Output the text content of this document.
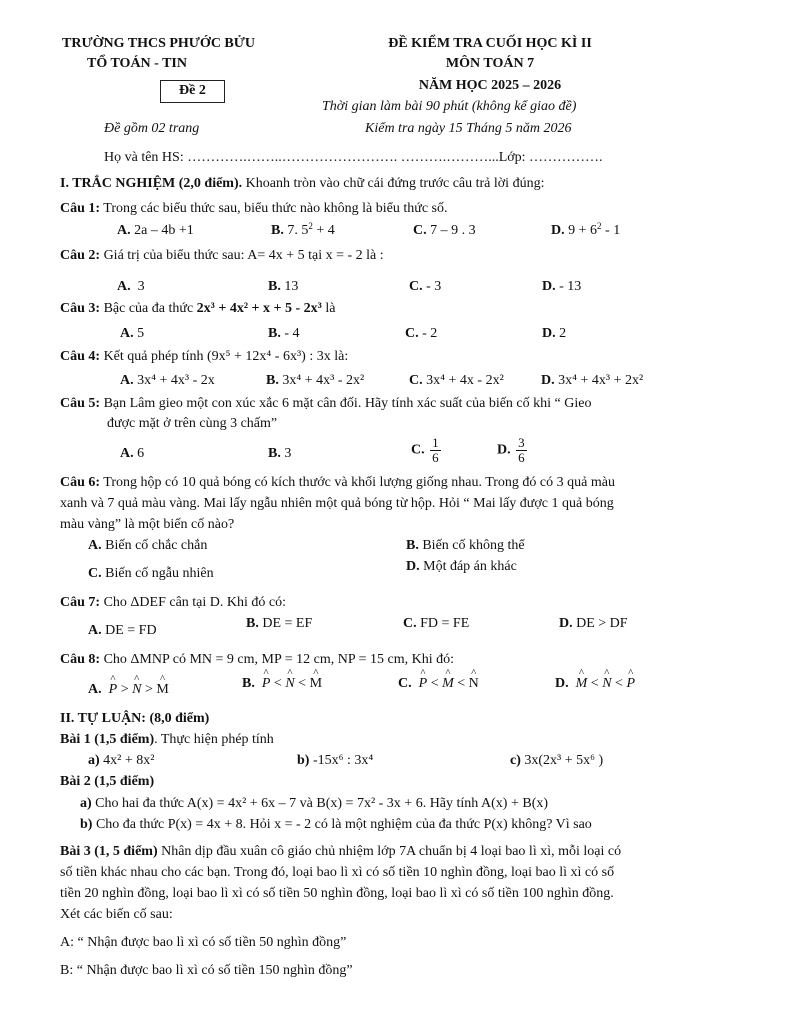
TRƯỜNG THCS PHƯỚC BỬU
TỔ TOÁN - TIN
ĐỀ KIỂM TRA CUỐI HỌC KÌ II
MÔN TOÁN 7
Đề 2	NĂM HỌC 2025 – 2026
Thời gian làm bài 90 phút (không kể giao đề)
Đề gồm 02 trang	Kiểm tra ngày 15 Tháng 5 năm 2026
Họ và tên HS: ………….……..……………………. ……….………...Lớp: …………….
I. TRẮC NGHIỆM (2,0 điểm). Khoanh tròn vào chữ cái đứng trước câu trả lời đúng:
Câu 1: Trong các biểu thức sau, biểu thức nào không là biểu thức số.
A. 2a – 4b +1	B. 7. $5^2 + 4$	C. 7 – 9 . 3	D. $9 + 6^2 - 1$
Câu 2: Giá trị của biểu thức sau: A= 4x + 5 tại x = - 2 là :
A. 3	B. 13	C. - 3	D. - 13
Câu 3: Bậc của đa thức 2x³ + 4x² + x + 5 - 2x³ là
A. 5	B. - 4	C. - 2	D. 2
Câu 4: Kết quả phép tính (9x⁵ + 12x⁴ - 6x³) : 3x là:
A. 3x⁴ + 4x³ - 2x	B. 3x⁴ + 4x³ - 2x²	C. 3x⁴ + 4x - 2x²	D. 3x⁴ + 4x³ + 2x²
Câu 5: Bạn Lâm gieo một con xúc xắc 6 mặt cân đối. Hãy tính xác suất của biến cố khi “ Gieo
được mặt ở trên cùng 3 chấm”
A. 6	B. 3	C. $\frac{1}{6}$	D. $\frac{3}{6}$
Câu 6: Trong hộp có 10 quả bóng có kích thước và khối lượng giống nhau. Trong đó có 3 quả màu
xanh và 7 quả màu vàng. Mai lấy ngẫu nhiên một quả bóng từ hộp. Hỏi “ Mai lấy được 1 quả bóng
màu vàng” là một biến cố nào?
A. Biến cố chắc chắn	B. Biến cố không thể
C. Biến cố ngẫu nhiên	D. Một đáp án khác
Câu 7: Cho ΔDEF cân tại D. Khi đó có:
A. DE = FD	B. DE = EF	C. FD = FE	D. DE > DF
Câu 8: Cho ΔMNP có MN = 9 cm, MP = 12 cm, NP = 15 cm, Khi đó:
A. ^ P > ^ N > ^ M	B. ^ P < ^ N < ^ M	C. ^ P < ^ M < ^ N	D. ^ M < ^ N < ^ P
II. TỰ LUẬN: (8,0 điểm)
Bài 1 (1,5 điểm). Thực hiện phép tính
a) 4x² + 8x²	b) -15x⁶ : 3x⁴	c) 3x(2x³ + 5x⁶ )
Bài 2 (1,5 điểm)
a) Cho hai đa thức A(x) = 4x² + 6x – 7 và B(x) = 7x² - 3x + 6. Hãy tính A(x) + B(x)
b) Cho đa thức P(x) = 4x + 8. Hỏi x = - 2 có là một nghiệm của đa thức P(x) không? Vì sao
Bài 3 (1, 5 điểm) Nhân dịp đầu xuân cô giáo chủ nhiệm lớp 7A chuẩn bị 4 loại bao lì xì, mỗi loại có
số tiền khác nhau cho các bạn. Trong đó, loại bao lì xì có số tiền 10 nghìn đồng, loại bao lì xì có số
tiền 20 nghìn đồng, loại bao lì xì có số tiền 50 nghìn đồng, loại bao lì xì có số tiền 100 nghìn đồng.
Xét các biến cố sau:
A: “ Nhận được bao lì xì có số tiền 50 nghìn đồng”
B: “ Nhận được bao lì xì có số tiền 150 nghìn đồng”
